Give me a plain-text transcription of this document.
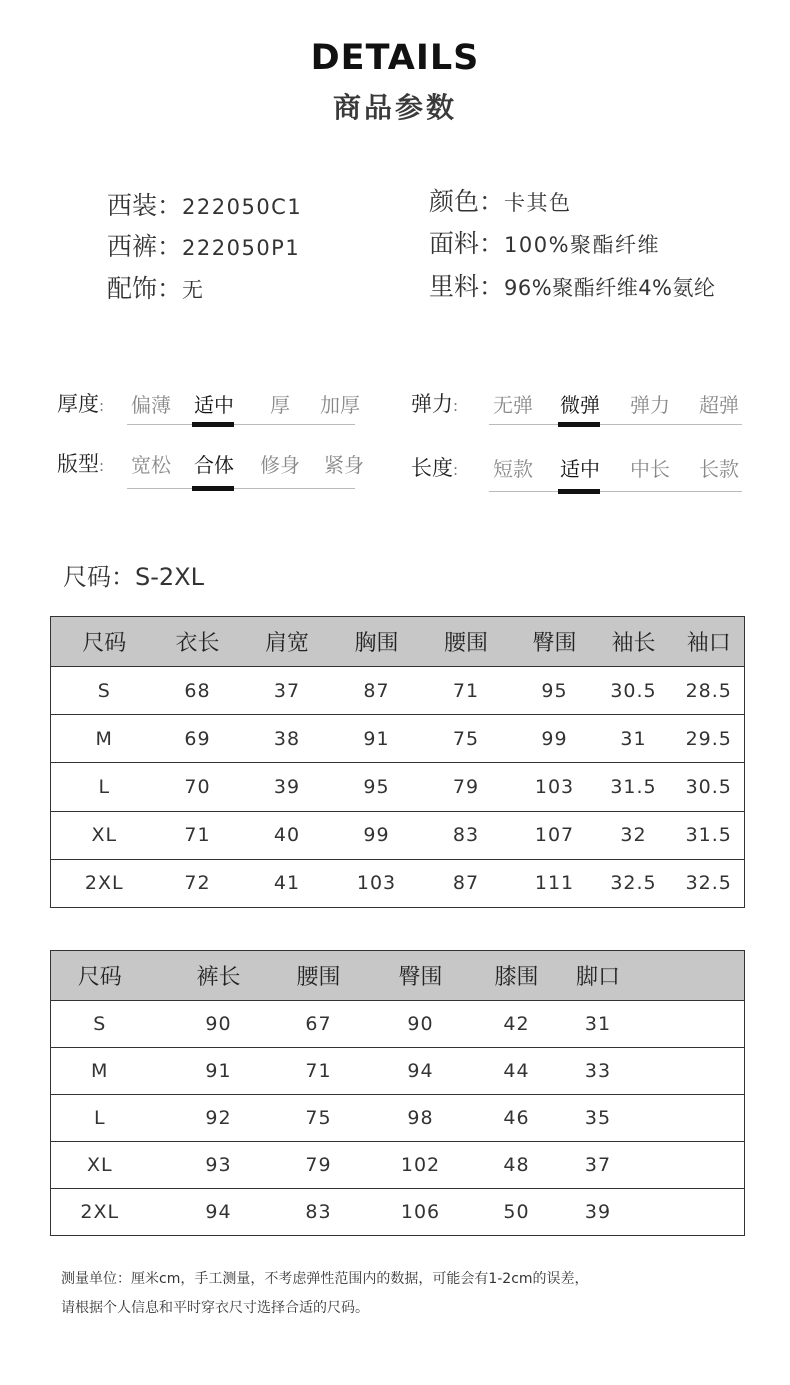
DETAILS
商品参数
西装：222050C1
西裤：222050P1
配饰：无
颜色：卡其色
面料：100%聚酯纤维
里料：96%聚酯纤维4%氨纶
厚度:	偏薄	适中	厚	加厚
版型:	宽松	合体	修身	紧身
弹力:	无弹	微弹	弹力	超弹
长度:	短款	适中	中长	长款
尺码：S-2XL
尺码	衣长	肩宽	胸围	腰围	臀围	袖长	袖口
S	68	37	87	71	95	30.5	28.5
M	69	38	91	75	99	31	29.5
L	70	39	95	79	103	31.5	30.5
XL	71	40	99	83	107	32	31.5
2XL	72	41	103	87	111	32.5	32.5
尺码	裤长	腰围	臀围	膝围	脚口	
S	90	67	90	42	31	
M	91	71	94	44	33	
L	92	75	98	46	35	
XL	93	79	102	48	37	
2XL	94	83	106	50	39	
测量单位：厘米cm，手工测量，不考虑弹性范围内的数据，可能会有1-2cm的误差，
请根据个人信息和平时穿衣尺寸选择合适的尺码。
